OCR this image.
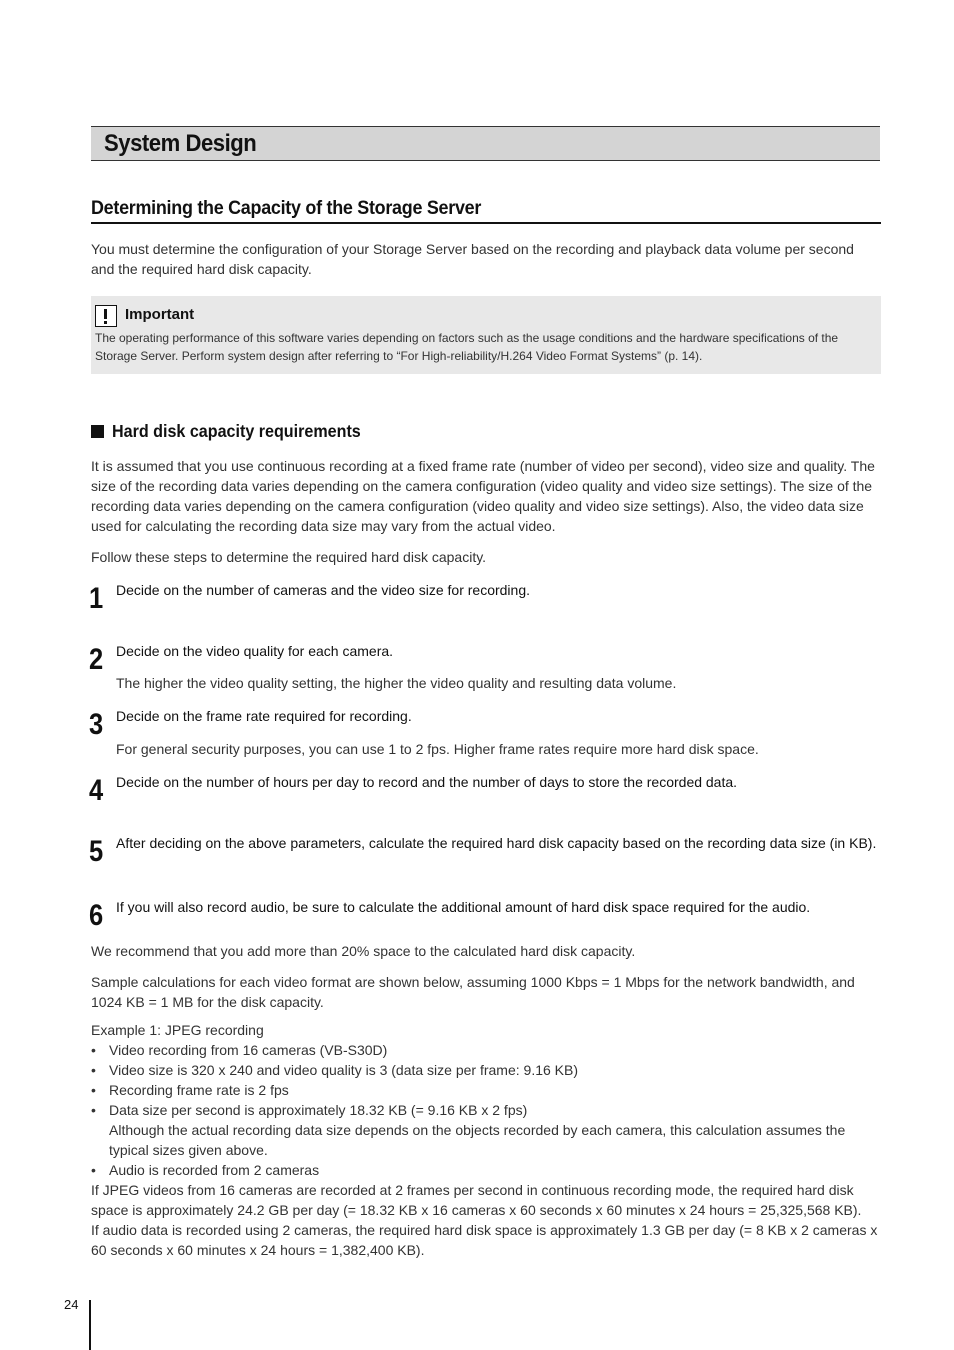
System Design
Determining the Capacity of the Storage Server
You must determine the configuration of your Storage Server based on the recording and playback data volume per second and the required hard disk capacity.
Important
The operating performance of this software varies depending on factors such as the usage conditions and the hardware specifications of the Storage Server. Perform system design after referring to “For High-reliability/H.264 Video Format Systems” (p. 14).
Hard disk capacity requirements
It is assumed that you use continuous recording at a fixed frame rate (number of video per second), video size and quality. The size of the recording data varies depending on the camera configuration (video quality and video size settings). The size of the recording data varies depending on the camera configuration (video quality and video size settings). Also, the video data size used for calculating the recording data size may vary from the actual video.
Follow these steps to determine the required hard disk capacity.
1 Decide on the number of cameras and the video size for recording.
2 Decide on the video quality for each camera.
The higher the video quality setting, the higher the video quality and resulting data volume.
3 Decide on the frame rate required for recording.
For general security purposes, you can use 1 to 2 fps. Higher frame rates require more hard disk space.
4 Decide on the number of hours per day to record and the number of days to store the recorded data.
5 After deciding on the above parameters, calculate the required hard disk capacity based on the recording data size (in KB).
6 If you will also record audio, be sure to calculate the additional amount of hard disk space required for the audio.
We recommend that you add more than 20% space to the calculated hard disk capacity.
Sample calculations for each video format are shown below, assuming 1000 Kbps = 1 Mbps for the network bandwidth, and 1024 KB = 1 MB for the disk capacity.
Example 1: JPEG recording
• Video recording from 16 cameras (VB-S30D)
• Video size is 320 x 240 and video quality is 3 (data size per frame: 9.16 KB)
• Recording frame rate is 2 fps
• Data size per second is approximately 18.32 KB (= 9.16 KB x 2 fps)
Although the actual recording data size depends on the objects recorded by each camera, this calculation assumes the typical sizes given above.
• Audio is recorded from 2 cameras
If JPEG videos from 16 cameras are recorded at 2 frames per second in continuous recording mode, the required hard disk space is approximately 24.2 GB per day (= 18.32 KB x 16 cameras x 60 seconds x 60 minutes x 24 hours = 25,325,568 KB).
If audio data is recorded using 2 cameras, the required hard disk space is approximately 1.3 GB per day (= 8 KB x 2 cameras x 60 seconds x 60 minutes x 24 hours = 1,382,400 KB).
24
